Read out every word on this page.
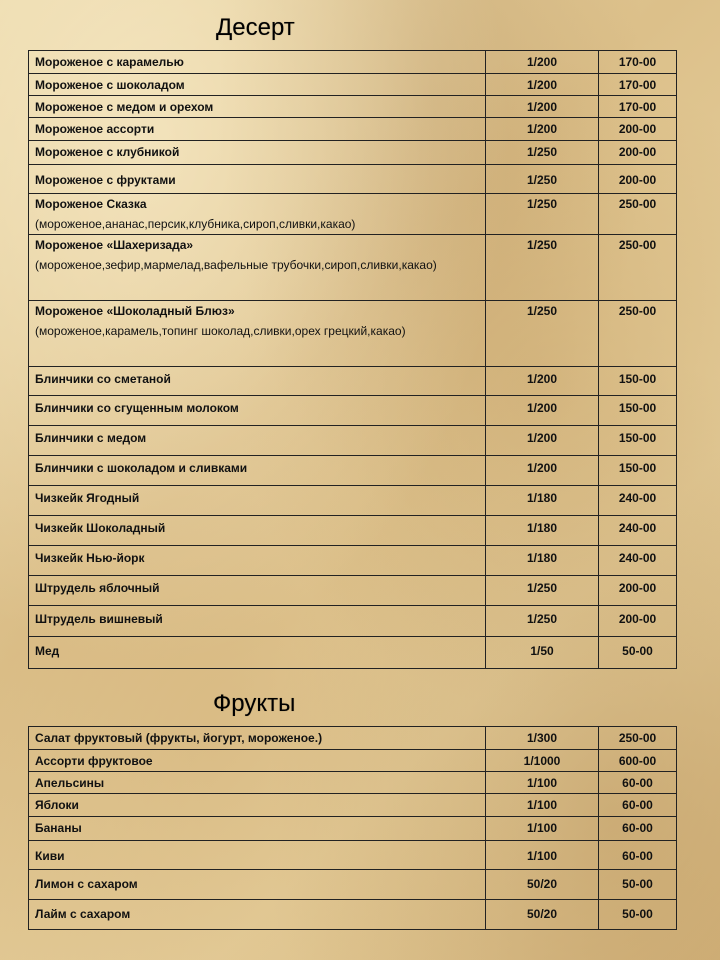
Десерт
Мороженое с карамелью	1/200	170-00

Мороженое с шоколадом	1/200	170-00

Мороженое с медом и орехом	1/200	170-00

Мороженое ассорти	1/200	200-00

Мороженое с клубникой	1/250	200-00

Мороженое с фруктами	1/250	200-00

Мороженое Сказка
(мороженое,ананас,персик,клубника,сироп,сливки,какао)	1/250	250-00

Мороженое «Шахеризада»
(мороженое,зефир,мармелад,вафельные трубочки,сироп,сливки,какао)	1/250	250-00

Мороженое «Шоколадный Блюз»
(мороженое,карамель,топинг шоколад,сливки,орех грецкий,какао)	1/250	250-00

Блинчики со сметаной	1/200	150-00

Блинчики со сгущенным молоком	1/200	150-00

Блинчики с медом	1/200	150-00

Блинчики с шоколадом и сливками	1/200	150-00

Чизкейк Ягодный	1/180	240-00

Чизкейк Шоколадный	1/180	240-00

Чизкейк Нью-йорк	1/180	240-00

Штрудель яблочный	1/250	200-00

Штрудель вишневый	1/250	200-00

Мед	1/50	50-00
Фрукты
Салат фруктовый (фрукты, йогурт, мороженое.)	1/300	250-00

Ассорти фруктовое	1/1000	600-00

Апельсины	1/100	60-00

Яблоки	1/100	60-00

Бананы	1/100	60-00

Киви	1/100	60-00

Лимон с сахаром	50/20	50-00

Лайм с сахаром	50/20	50-00
